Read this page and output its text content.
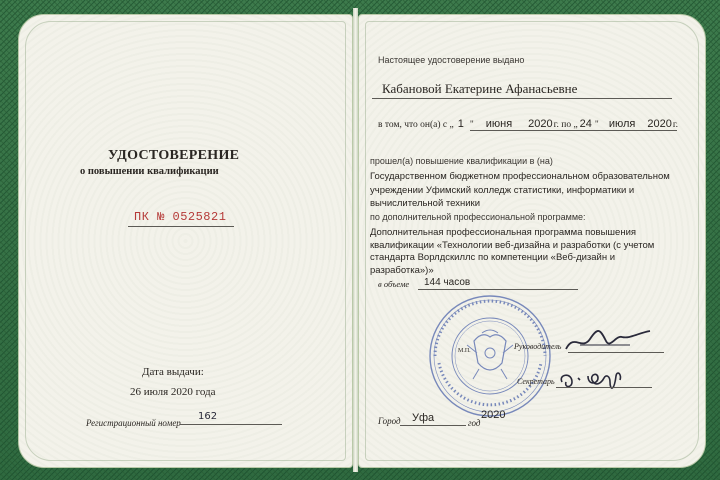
УДОСТОВЕРЕНИЕ
о повышении квалификации
ПК № 0525821
Дата выдачи:
26 июля 2020 года
Регистрационный номер
162
Настоящее удостоверение выдано
Кабановой Екатерине Афанасьевне
в том, что он(а) с „ 1 " июня 2020г. по „ 24 " июля 2020г.
прошел(а) повышение квалификации в (на)
Государственном бюджетном профессиональном образовательном учреждении Уфимский колледж статистики, информатики и вычислительной техники
по дополнительной профессиональной программе:
Дополнительная профессиональная программа повышения квалификации «Технологии веб-дизайна и разработки (с учетом стандарта Ворлдскиллс по компетенции «Веб-дизайн и разработка»)»
в объеме 144 часов
М.П.	Руководитель
Секретарь
Город Уфа	год
2020
